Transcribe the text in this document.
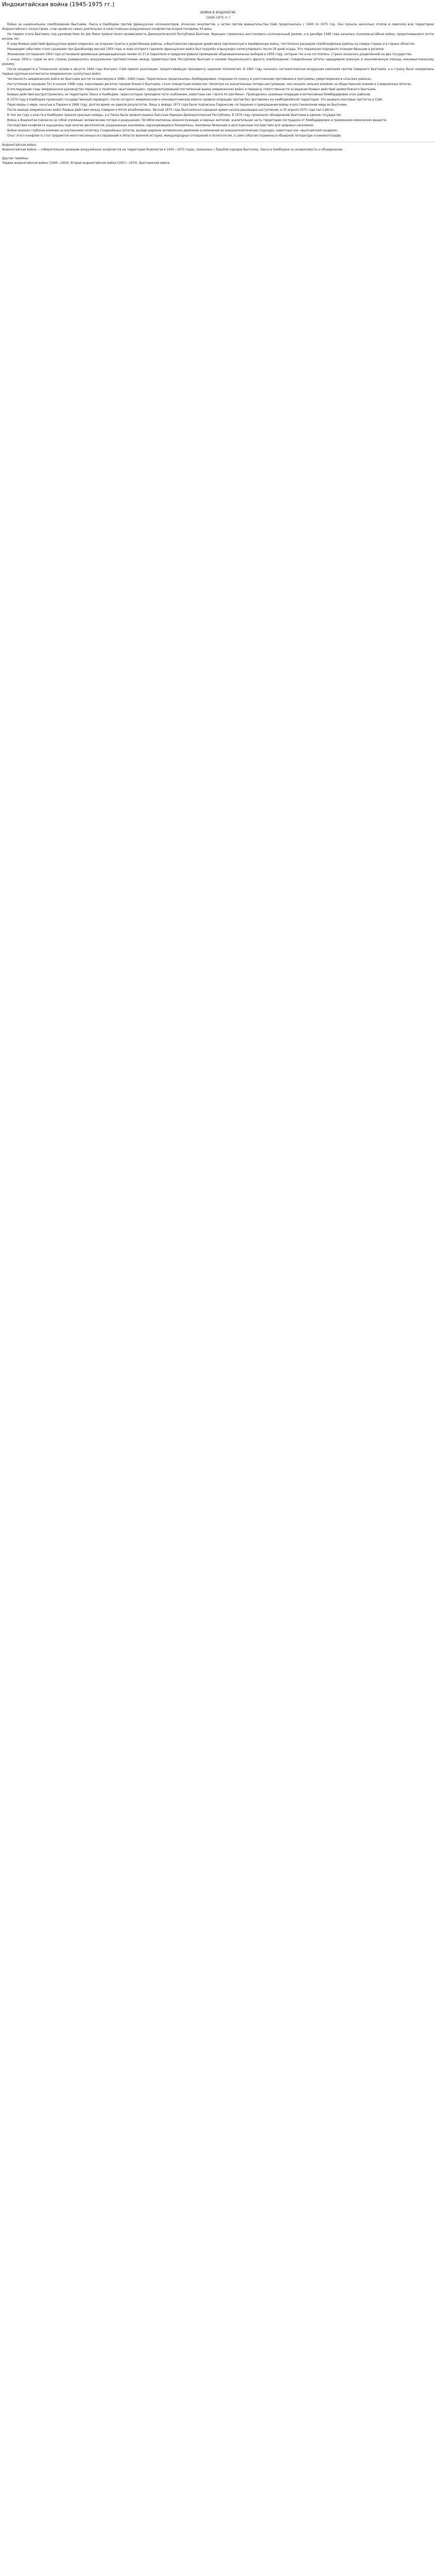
Индокитайская война (1945-1975 гг.)
ВОЙНА В ИНДОКИТАЕ
(1945-1975 гг.)

Война за национальное освобождение Вьетнама, Лаоса и Камбоджи против французских колонизаторов, японских оккупантов, а затем против вмешательства США продолжалась с 1945 по 1975 год. Она прошла несколько этапов и охватила всю территорию Индокитайского полуострова, став одним из самых длительных и ожесточённых вооружённых конфликтов второй половины XX века.

На первом этапе Вьетминь под руководством Хо Ши Мина провозгласил независимость Демократической Республики Вьетнам. Франция стремилась восстановить колониальный режим, и в декабре 1946 года началась полномасштабная война, продолжавшаяся почти восемь лет.

В ходе боевых действий французская армия опиралась на опорные пункты и укреплённые районы, а Вьетнамская народная армия вела партизанскую и манёвренную войну, постепенно расширяя освобождённые районы на севере страны и в горных областях.

Решающим событием стало сражение при Дьенбьенфу весной 1954 года, в ходе которого гарнизон французских войск был окружён и вынужден капитулировать после 56 дней осады. Это поражение подорвало позиции Франции в регионе.

Женевские соглашения 1954 года установили временную демаркационную линию по 17-й параллели и предусматривали проведение общенациональных выборов в 1956 году, которые так и не состоялись. Страна оказалась разделённой на два государства.

С конца 1950-х годов на юге страны развернулось вооружённое противостояние между правительством Республики Вьетнам и силами Национального фронта освобождения. Соединённые Штаты наращивали военную и экономическую помощь южновьетнамскому режиму.

После инцидента в Тонкинском заливе в августе 1964 года Конгресс США принял резолюцию, предоставившую президенту широкие полномочия. В 1965 году началась систематическая воздушная кампания против Северного Вьетнама, а в страну были направлены первые крупные контингенты американских сухопутных войск.

Численность американских войск во Вьетнаме достигла максимума в 1968—1969 годах. Параллельно продолжались бомбардировки, операции по поиску и уничтожению противника и программы умиротворения в сельских районах.

Наступление в праздник Тет в начале 1968 года, охватившее десятки городов Южного Вьетнама, стало поворотным моментом. Несмотря на значительные потери наступавших, оно оказало сильное влияние на общественное мнение в Соединённых Штатах.

В последующие годы американское руководство перешло к политике «вьетнамизации», предусматривавшей постепенный вывод американских войск и передачу ответственности за ведение боевых действий армии Южного Вьетнама.

Боевые действия распространились на территорию Лаоса и Камбоджи, через которые проходили пути снабжения, известные как «тропа Хо Ши Мина». Проводились наземные операции и интенсивные бомбардировки этих районов.

В 1970 году в Камбодже произошёл государственный переворот, после которого американские и южновьетнамские войска провели операцию против баз противника на камбоджийской территории. Это вызвало массовые протесты в США.

Переговоры о мире, начатые в Париже в 1968 году, долгое время не давали результатов. Лишь в январе 1973 года были подписаны Парижские соглашения о прекращении войны и восстановлении мира во Вьетнаме.

После вывода американских войск боевые действия между Севером и Югом возобновились. Весной 1975 года Вьетнамская народная армия начала решающее наступление, и 30 апреля 1975 года пал Сайгон.

В том же году к власти в Камбодже пришли красные кхмеры, а в Лаосе была провозглашена Лаосская Народно-Демократическая Республика. В 1976 году произошло объединение Вьетнама в единое государство.

Война в Индокитае повлекла за собой огромные человеческие потери и разрушения. Погибли миллионы военнослужащих и мирных жителей, значительная часть территории пострадала от бомбардировок и применения химических веществ.

Последствия конфликта ощущались ещё многие десятилетия: разрушенная экономика, неразорвавшиеся боеприпасы, миллионы беженцев и долгосрочные последствия для здоровья населения.

Война оказала глубокое влияние на внутреннюю политику Соединённых Штатов, вызвав широкое антивоенное движение и изменения во внешнеполитических подходах, известные как «вьетнамский синдром».

Опыт этого конфликта стал предметом многочисленных исследований в области военной истории, международных отношений и политологии, а сами события отражены в обширной литературе и кинематографе.

Индокитайская война

Индокитайская война — собирательное название вооружённых конфликтов на территории Индокитая в 1945—1975 годах, связанных с борьбой народов Вьетнама, Лаоса и Камбоджи за независимость и объединение.

Другие термины:

Первая индокитайская война (1946—1954), Вторая индокитайская война (1957—1975), Вьетнамская война.
